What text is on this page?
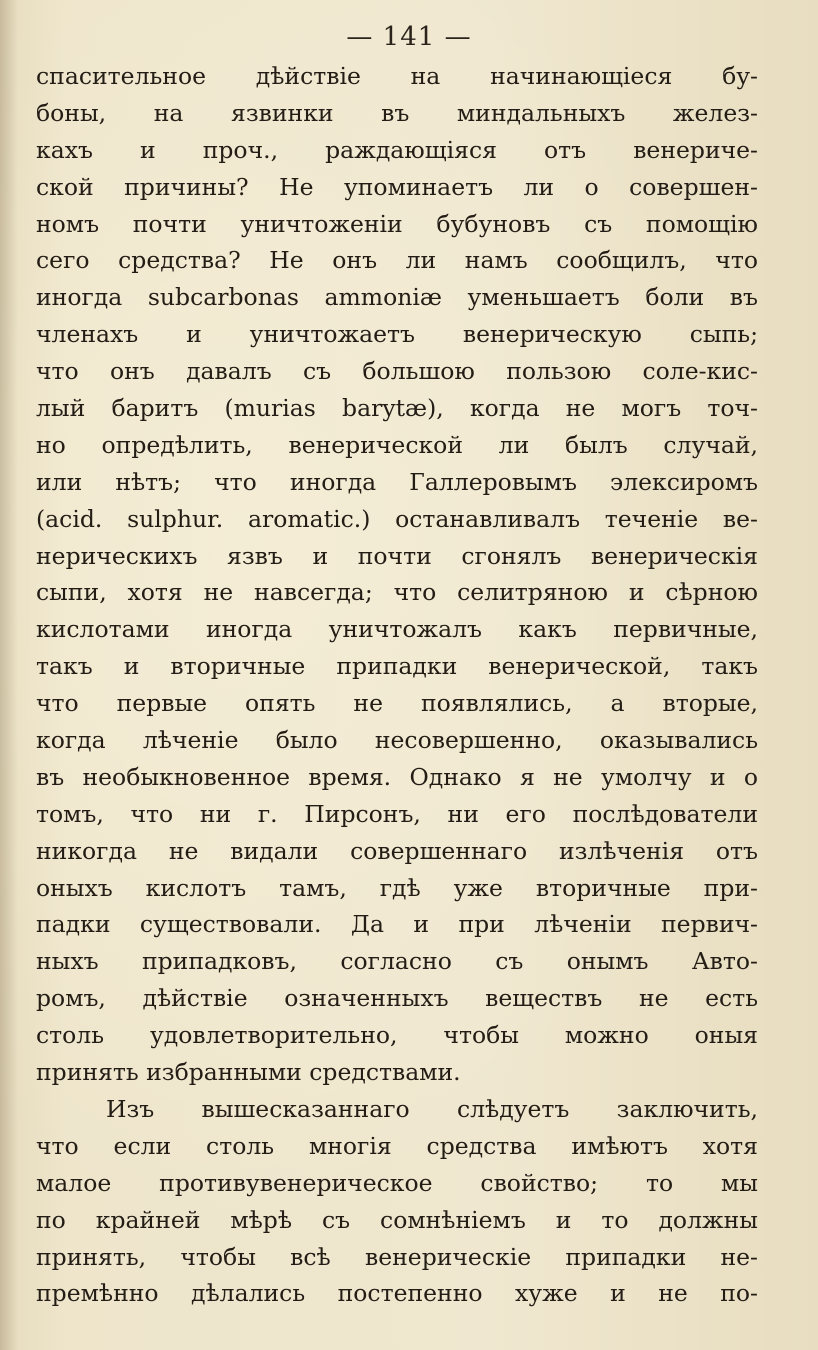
— 141 —
спасительное дѣйствіе на начинающіеся бу-
боны, на язвинки въ миндальныхъ желез-
кахъ и прoч., раждающіяся отъ венериче-
ской причины? Не упоминаетъ ли о совершен-
номъ почти уничтоженіи бубуновъ съ помощію
сего средства? Не онъ ли намъ сообщилъ, что
иногда subcarbonas ammoniæ уменьшаетъ боли въ
членахъ и уничтожаетъ венерическую сыпь;
что онъ давалъ съ большою пользою соле-кис-
лый баритъ (murias barytæ), когда не могъ точ-
но опредѣлить, венерической ли былъ случай,
или нѣтъ; что иногда Галлеровымъ элексиромъ
(acid. sulphur. aromatic.) останавливалъ теченіе ве-
нерическихъ язвъ и почти сгонялъ венерическія
сыпи, хотя не навсегда; что селитряною и сѣрною
кислотами иногда уничтожалъ какъ первичные,
такъ и вторичные припадки венерической, такъ
что первые опять не появлялись, а вторые,
когда лѣченіе было несовершенно, оказывались
въ необыкновенное время. Однако я не умолчу и о
томъ, что ни г. Пирсонъ, ни его послѣдователи
никогда не видали совершеннаго излѣченія отъ
оныхъ кислотъ тамъ, гдѣ уже вторичные при-
падки существовали. Да и при лѣченіи первич-
ныхъ припадковъ, согласно съ онымъ Авто-
ромъ, дѣйствіе означенныхъ веществъ не есть
столь удовлетворительно, чтобы можно оныя
принять избранными средствами.
Изъ вышесказаннаго слѣдуетъ заключить,
что если столь многія средства имѣютъ хотя
малое противувенерическое свойство; то мы
по крайней мѣрѣ съ сомнѣніемъ и то должны
принять, чтобы всѣ венерическіе припадки не-
премѣнно дѣлались постепенно хуже и не по-
